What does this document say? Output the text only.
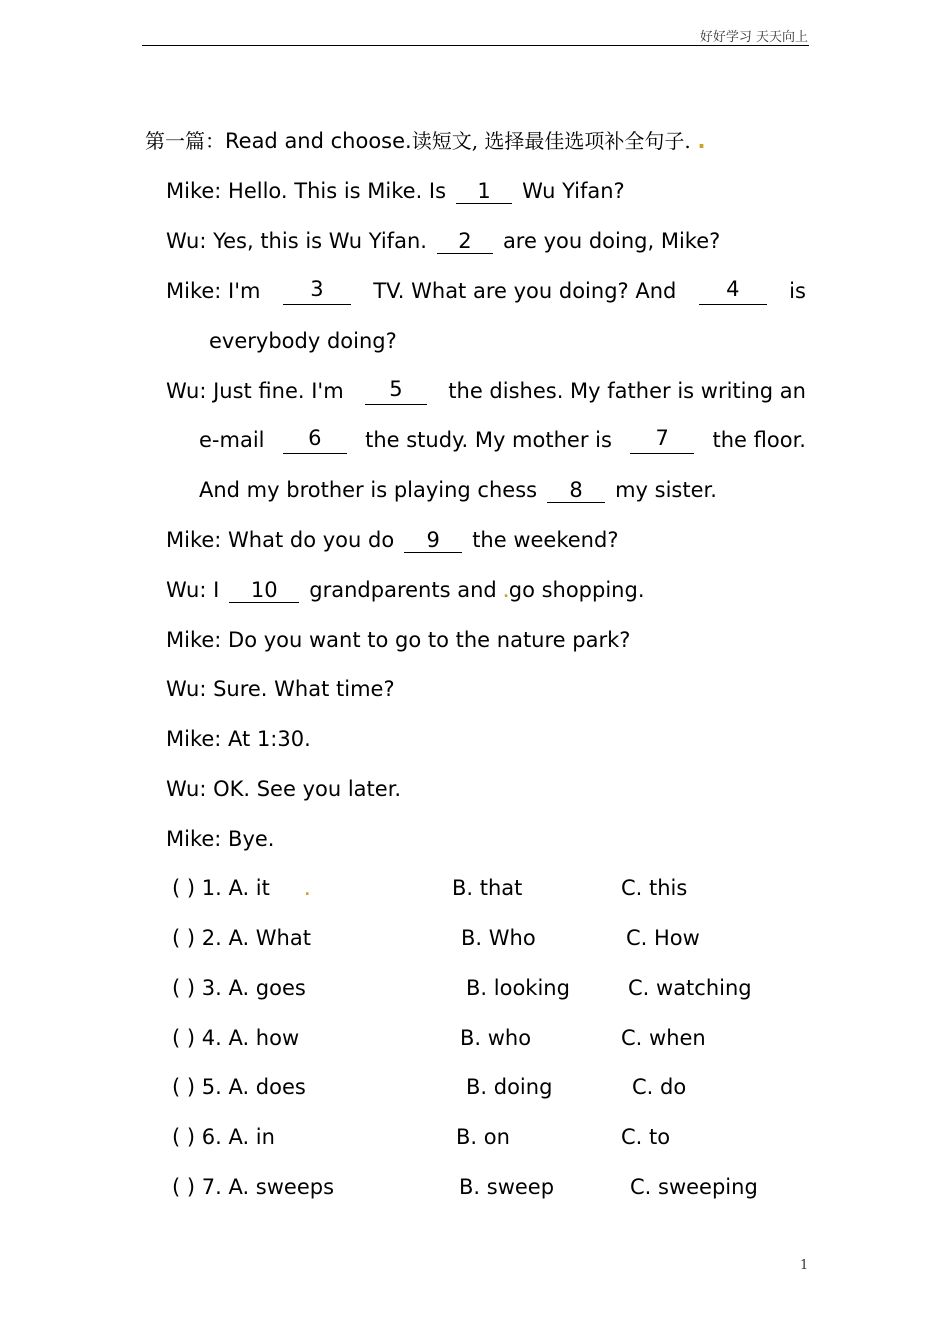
好好学习 天天向上
第一篇：Read and choose.读短文, 选择最佳选项补全句子. .
Mike: Hello. This is Mike. Is 1 Wu Yifan?
Wu: Yes, this is Wu Yifan. 2 are you doing, Mike?
Mike: I'm	3	TV. What are you doing? And	4	is
everybody doing?
Wu: Just fine. I'm	5	the dishes. My father is writing an
e-mail	6	the study. My mother is	7	the floor.
And my brother is playing chess 8 my sister.
Mike: What do you do 9 the weekend?
Wu: I 10 grandparents and .go shopping.
Mike: Do you want to go to the nature park?
Wu: Sure. What time?
Mike: At 1:30.
Wu: OK. See you later.
Mike: Bye.
( ) 1. A. it .	B. that	C. this
( ) 2. A. What	B. Who	C. How
( ) 3. A. goes	B. looking	C. watching
( ) 4. A. how	B. who	C. when
( ) 5. A. does	B. doing	C. do
( ) 6. A. in	B. on	C. to
( ) 7. A. sweeps	B. sweep	C. sweeping
1
